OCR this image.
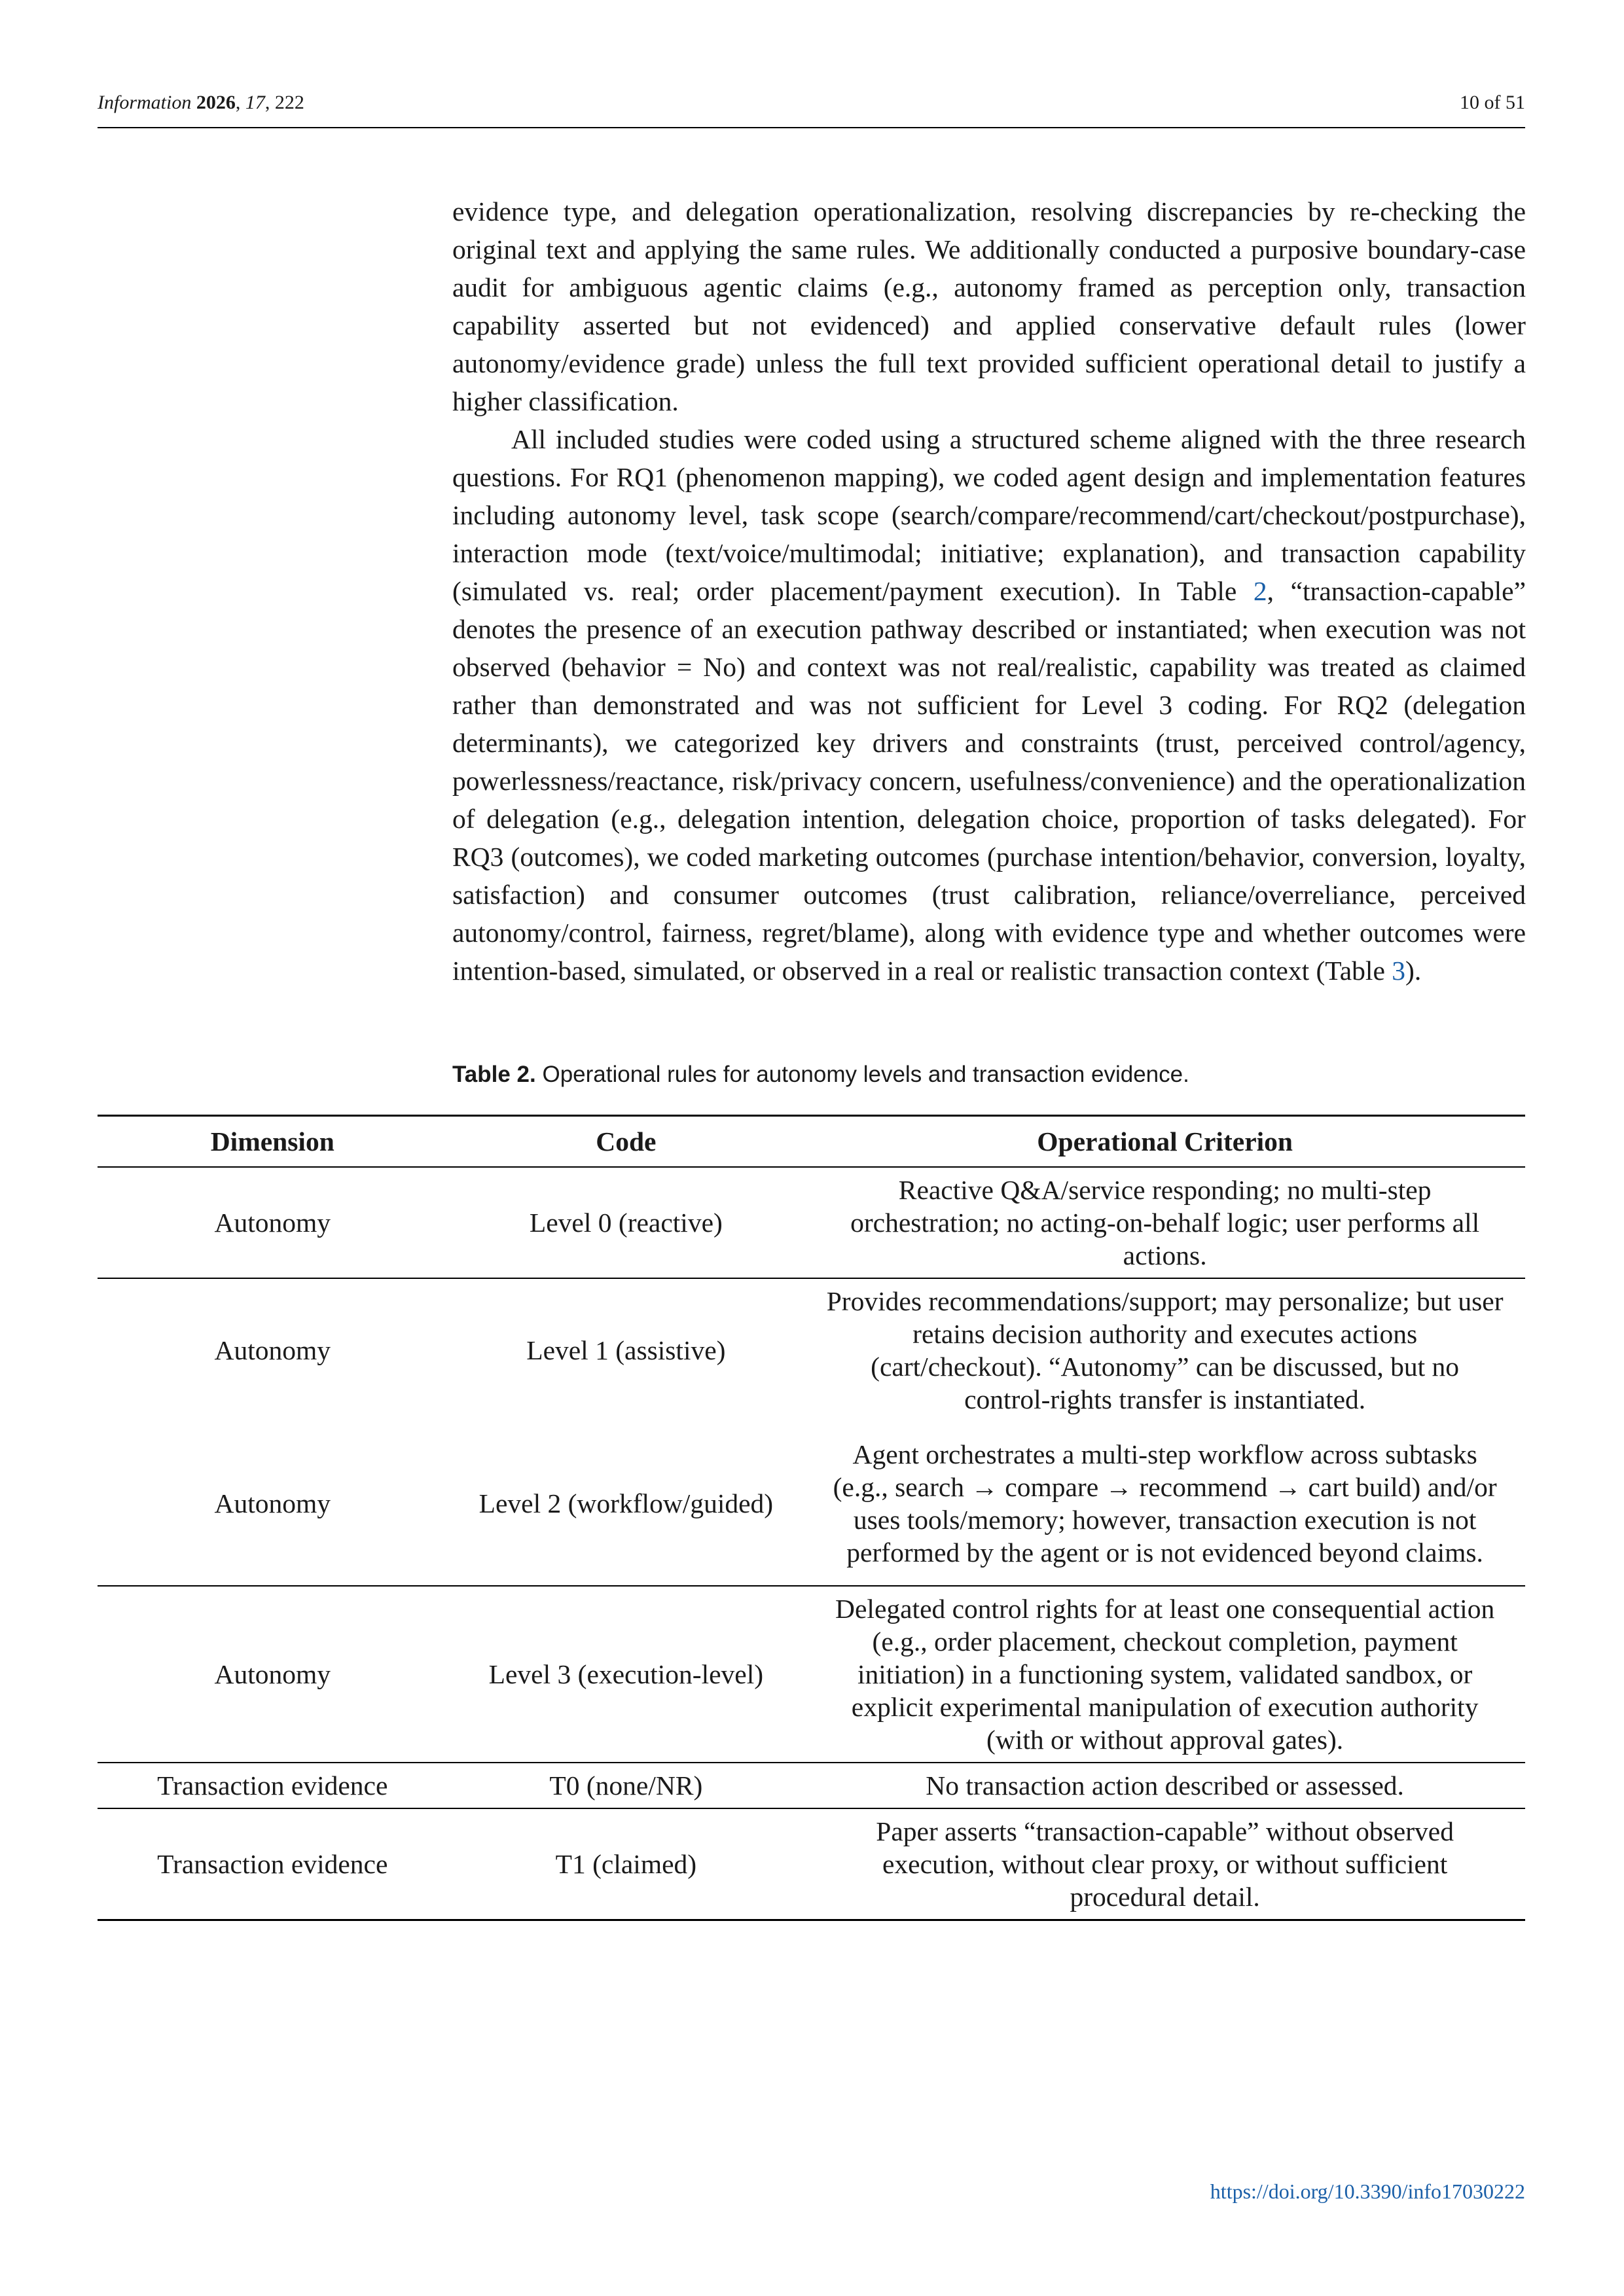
Information 2026, 17, 222	10 of 51

evidence type, and delegation operationalization, resolving discrepancies by re-checking the original text and applying the same rules. We additionally conducted a purposive boundary-case audit for ambiguous agentic claims (e.g., autonomy framed as perception only, transaction capability asserted but not evidenced) and applied conservative default rules (lower autonomy/evidence grade) unless the full text provided sufficient operational detail to justify a higher classification.

All included studies were coded using a structured scheme aligned with the three research questions. For RQ1 (phenomenon mapping), we coded agent design and implementation features including autonomy level, task scope (search/compare/recommend/cart/​checkout/postpurchase), interaction mode (text/voice/multimodal; initiative; explanation), and transaction capability (simulated vs. real; order placement/payment execution). In Table 2, “transaction-capable” denotes the presence of an execution pathway described or instantiated; when execution was not observed (behavior = No) and context was not real/realistic, capability was treated as claimed rather than demonstrated and was not sufficient for Level 3 coding. For RQ2 (delegation determinants), we categorized key drivers and constraints (trust, perceived control/agency, powerlessness/reactance, risk/privacy concern, usefulness/convenience) and the operationalization of delegation (e.g., delegation intention, delegation choice, proportion of tasks delegated). For RQ3 (outcomes), we coded marketing outcomes (purchase intention/behavior, conversion, loyalty, satisfaction) and consumer outcomes (trust calibration, reliance/overreliance, perceived autonomy/control, fairness, regret/blame), along with evidence type and whether outcomes were intention-based, simulated, or observed in a real or realistic transaction context (Table 3).

Table 2. Operational rules for autonomy levels and transaction evidence.
Dimension	Code	Operational Criterion
Autonomy	Level 0 (reactive)	Reactive Q&A/service responding; no multi-step orchestration; no acting-on-behalf logic; user performs all actions.

Autonomy	Level 1 (assistive)	Provides recommendations/support; may personalize; but user retains decision authority and executes actions (cart/checkout). “Autonomy” can be discussed, but no control-rights transfer is instantiated.

Autonomy	Level 2 (workflow/guided)	Agent orchestrates a multi-step workflow across subtasks (e.g., search → compare → recommend → cart build) and/or uses tools/memory; however, transaction execution is not performed by the agent or is not evidenced beyond claims.

Autonomy	Level 3 (execution-level)	Delegated control rights for at least one consequential action (e.g., order placement, checkout completion, payment initiation) in a functioning system, validated sandbox, or explicit experimental manipulation of execution authority (with or without approval gates).

Transaction evidence	T0 (none/NR)	No transaction action described or assessed.

Transaction evidence	T1 (claimed)	Paper asserts “transaction-capable” without observed execution, without clear proxy, or without sufficient procedural detail.
https://doi.org/10.3390/info17030222
